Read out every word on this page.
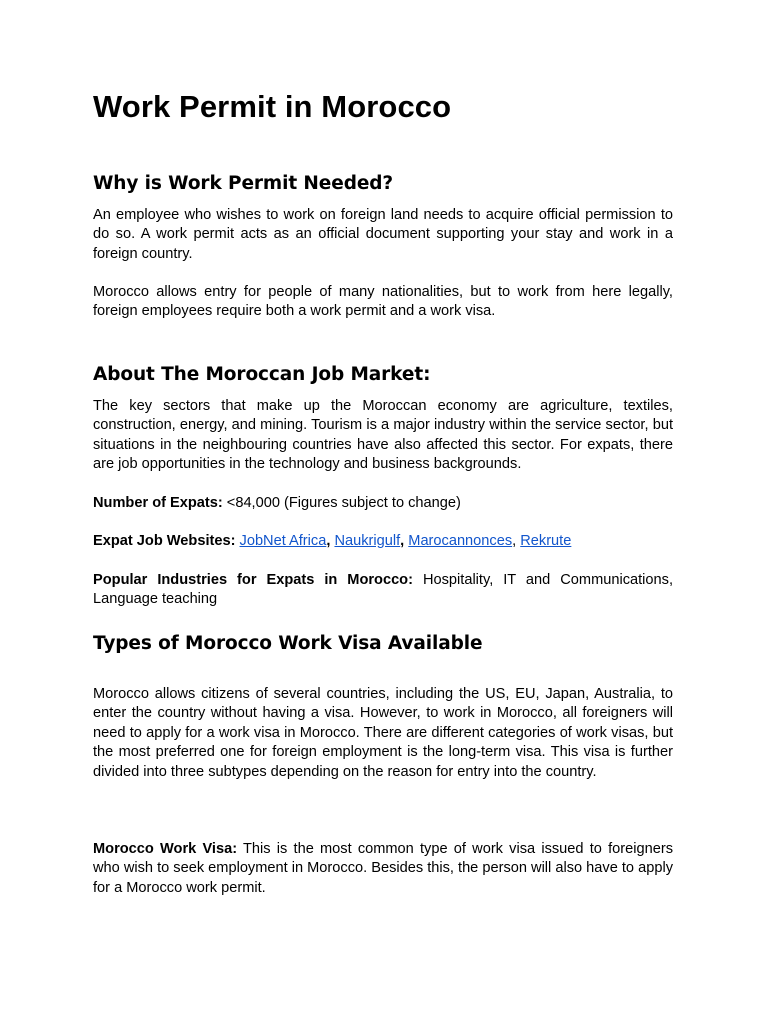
Work Permit in Morocco
Why is Work Permit Needed?

An employee who wishes to work on foreign land needs to acquire official permission to do so. A work permit acts as an official document supporting your stay and work in a foreign country.

Morocco allows entry for people of many nationalities, but to work from here legally, foreign employees require both a work permit and a work visa.

About The Moroccan Job Market:

The key sectors that make up the Moroccan economy are agriculture, textiles, construction, energy, and mining. Tourism is a major industry within the service sector, but situations in the neighbouring countries have also affected this sector. For expats, there are job opportunities in the technology and business backgrounds.

Number of Expats: <84,000 (Figures subject to change)

Expat Job Websites: JobNet Africa, Naukrigulf, Marocannonces, Rekrute

Popular Industries for Expats in Morocco: Hospitality, IT and Communications, Language teaching

Types of Morocco Work Visa Available

Morocco allows citizens of several countries, including the US, EU, Japan, Australia, to enter the country without having a visa. However, to work in Morocco, all foreigners will need to apply for a work visa in Morocco. There are different categories of work visas, but the most preferred one for foreign employment is the long-term visa. This visa is further divided into three subtypes depending on the reason for entry into the country.

Morocco Work Visa: This is the most common type of work visa issued to foreigners who wish to seek employment in Morocco. Besides this, the person will also have to apply for a Morocco work permit.
